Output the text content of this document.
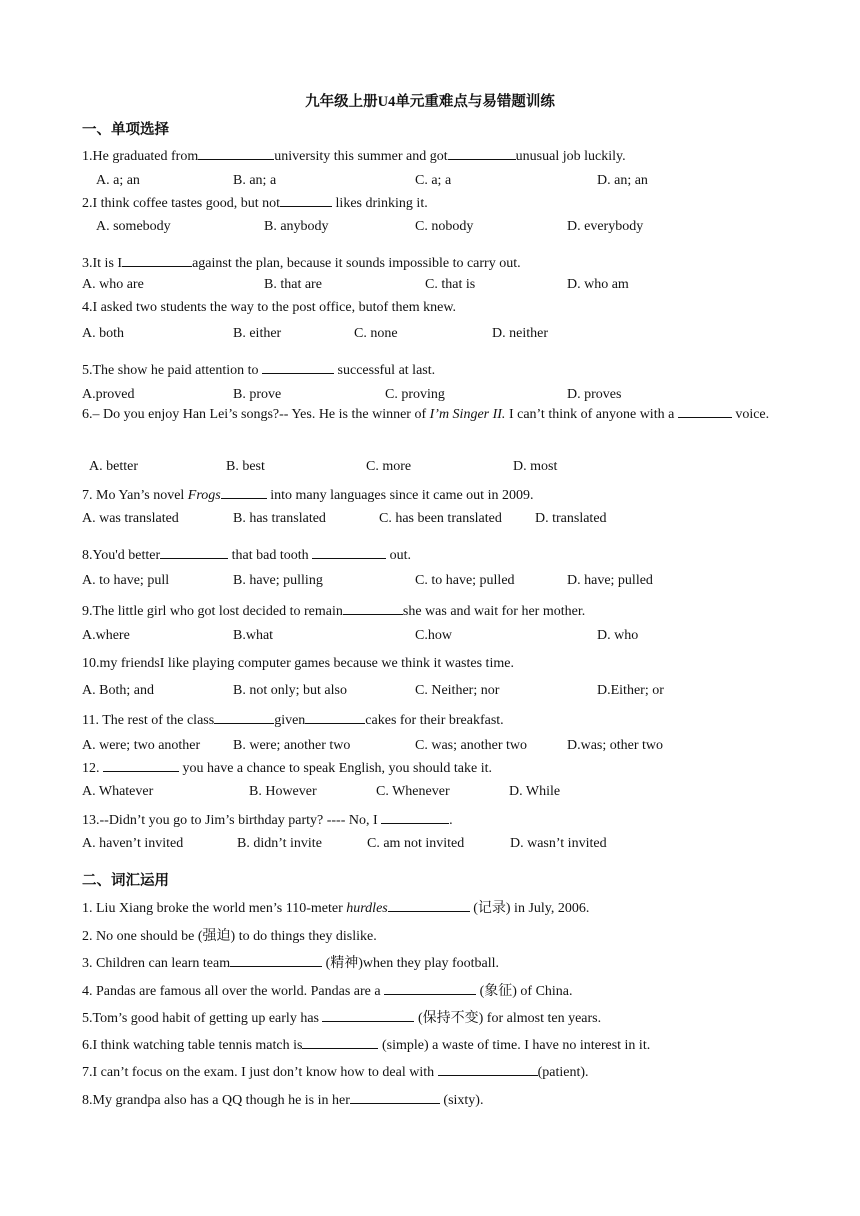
九年级上册U4单元重难点与易错题训练
一、单项选择
1.He graduated from	university this summer and got	unusual job luckily.
A. a; an	B. an; a	C. a; a	D. an; an
2.I think coffee tastes good, but not	likes drinking it.
A. somebody	B. anybody	C. nobody	D. everybody
3.It is I	against the plan, because it sounds impossible to carry out.
A. who are	B. that are	C. that is	D. who am
4.I asked two students the way to the post office, butof them knew.
A. both	B. either	C. none	D. neither
5.The show he paid attention to	successful at last.
A.proved	B. prove	C. proving	D. proves
6.– Do you enjoy Han Lei’s songs?-- Yes. He is the winner of I’m Singer II. I can’t think of anyone with a	voice.
A. better	B. best	C. more	D. most
7. Mo Yan’s novel Frogs	into many languages since it came out in 2009.
A. was translated	B. has translated	C. has been translated D. translated
8.You'd better	that bad tooth	out.
A. to have; pull	B. have; pulling	C. to have; pulled	D. have; pulled
9.The little girl who got lost decided to remain	she was and wait for her mother.
A.where	B.what	C.how	D. who
10.my friendsI like playing computer games because we think it wastes time.
A. Both; and	B. not only; but also	C. Neither; nor	D.Either; or
11. The rest of the class	given	cakes for their breakfast.
A. were; two another B. were; another two	C. was; another two	D.was; other two
12.	you have a chance to speak English, you should take it.
A. Whatever	B. However	C. Whenever	D. While
13.--Didn’t you go to Jim’s birthday party? ---- No, I	.
A. haven’t invited	B. didn’t invite	C. am not invited	D. wasn’t invited
二、词汇运用
1. Liu Xiang broke the world men’s 110-meter hurdles	(记录) in July, 2006.
2. No one should be (强迫) to do things they dislike.
3. Children can learn team	(精神)when they play football.
4. Pandas are famous all over the world. Pandas are a	(象征) of China.
5.Tom’s good habit of getting up early has	(保持不变) for almost ten years.
6.I think watching table tennis match is	(simple) a waste of time. I have no interest in it.
7.I can’t focus on the exam. I just don’t know how to deal with	(patient).
8.My grandpa also has a QQ though he is in her	(sixty).
